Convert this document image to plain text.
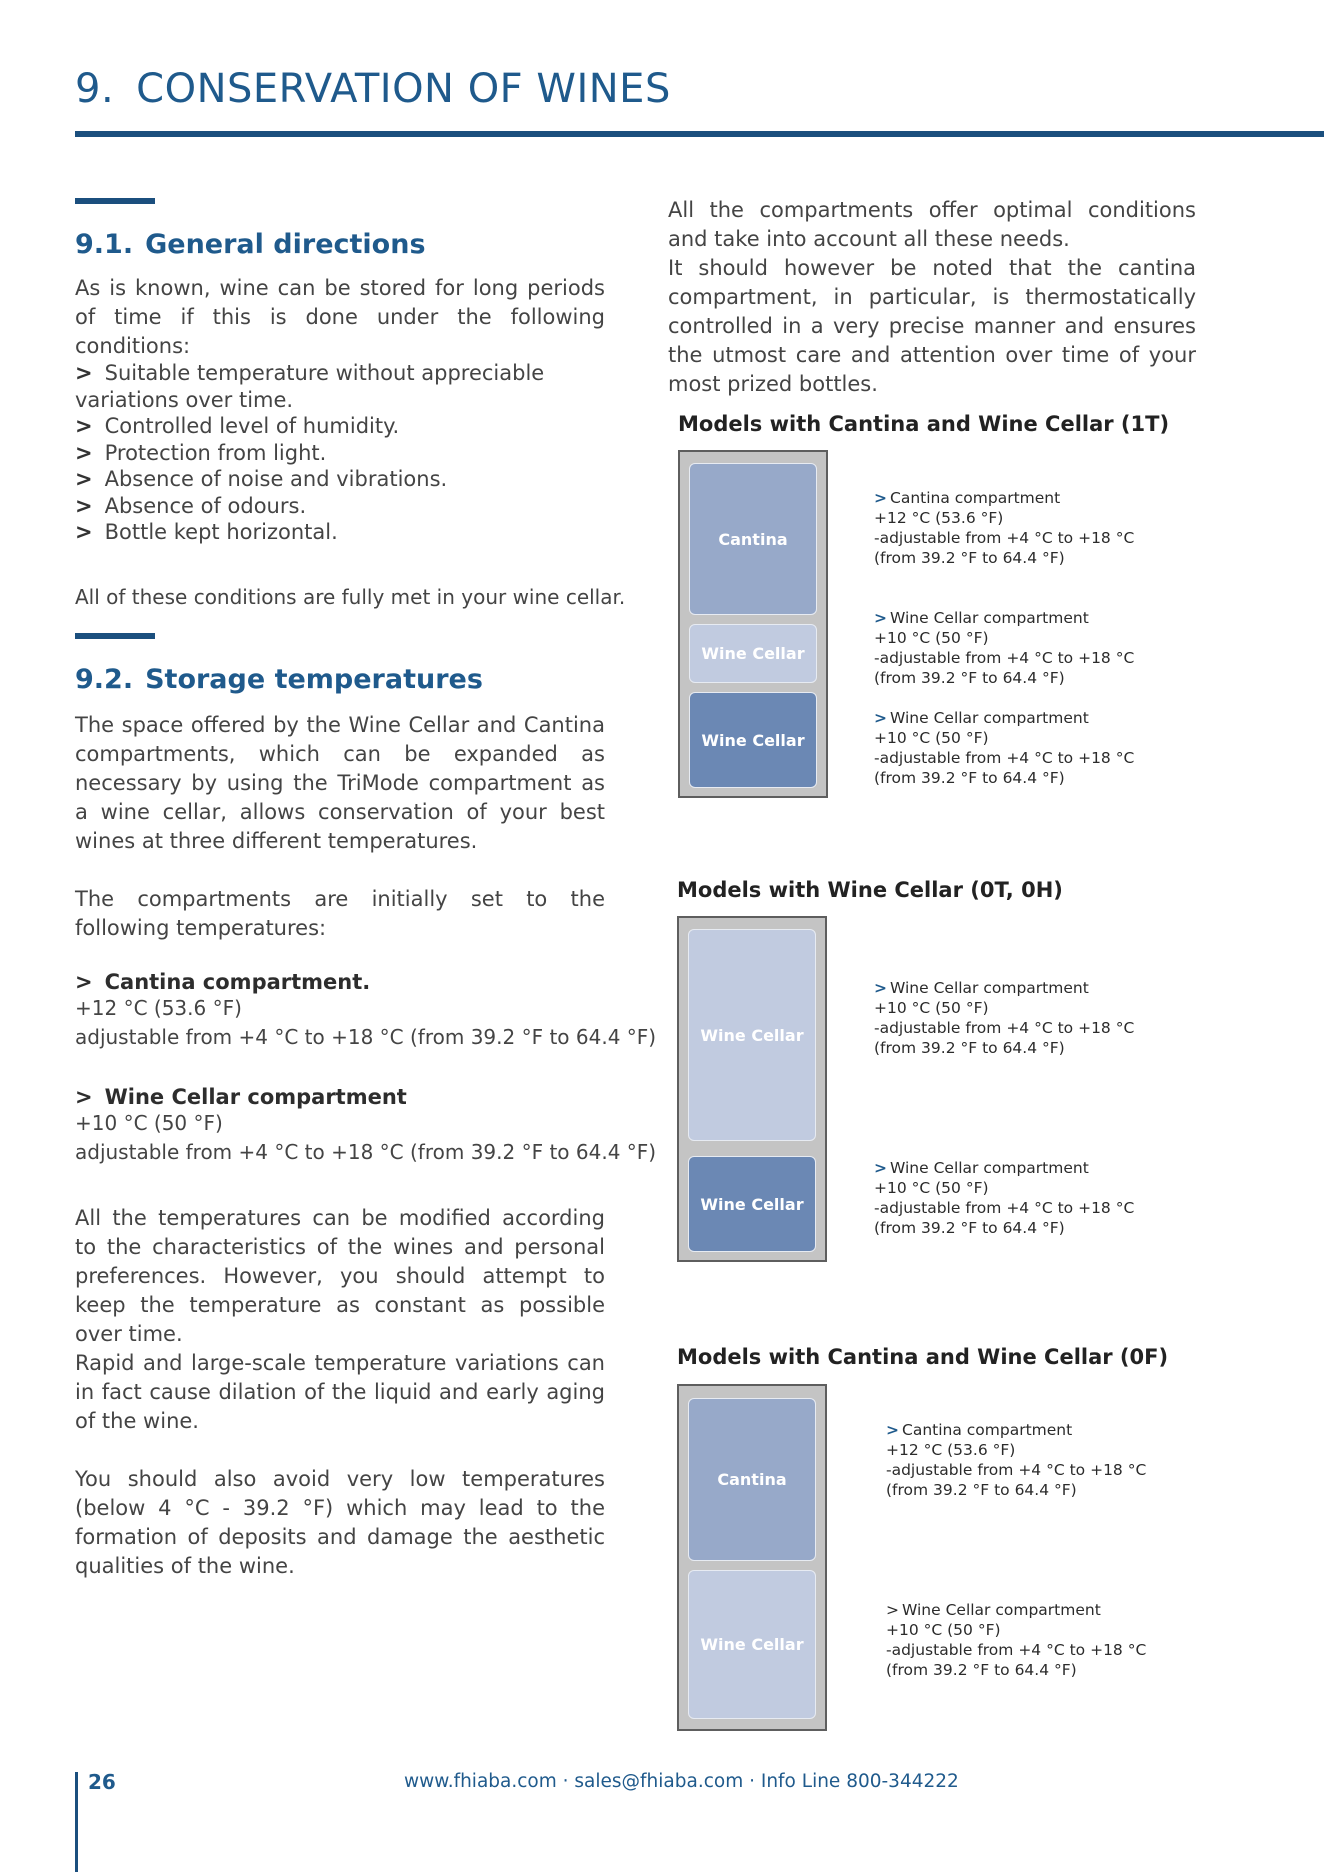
9. CONSERVATION OF WINES
9.1. General directions

As is known, wine can be stored for long periods of time if this is done under the following conditions:

> Suitable temperature without appreciable variations over time.
> Controlled level of humidity.
> Protection from light.
> Absence of noise and vibrations.
> Absence of odours.
> Bottle kept horizontal.
All of these conditions are fully met in your wine cellar.
9.2. Storage temperatures

The space offered by the Wine Cellar and Cantina compartments, which can be expanded as necessary by using the TriMode compartment as a wine cellar, allows conservation of your best wines at three different temperatures.

The compartments are initially set to the following temperatures:

> Cantina compartment.
+12 °C (53.6 °F)
adjustable from +4 °C to +18 °C (from 39.2 °F to 64.4 °F)
> Wine Cellar compartment
+10 °C (50 °F)
adjustable from +4 °C to +18 °C (from 39.2 °F to 64.4 °F)

All the temperatures can be modified according to the characteristics of the wines and personal preferences. However, you should attempt to keep the temperature as constant as possible over time.

Rapid and large-scale temperature variations can in fact cause dilation of the liquid and early aging of the wine.

You should also avoid very low temperatures (below 4 °C - 39.2 °F) which may lead to the formation of deposits and damage the aesthetic qualities of the wine.

All the compartments offer optimal conditions and take into account all these needs.

It should however be noted that the cantina compartment, in particular, is thermostatically controlled in a very precise manner and ensures the utmost care and attention over time of your most prized bottles.

Models with Cantina and Wine Cellar (1T)
Cantina
Wine Cellar
Wine Cellar
> Cantina compartment
+12 °C (53.6 °F)
-adjustable from +4 °C to +18 °C
(from 39.2 °F to 64.4 °F)
> Wine Cellar compartment
+10 °C (50 °F)
-adjustable from +4 °C to +18 °C
(from 39.2 °F to 64.4 °F)
> Wine Cellar compartment
+10 °C (50 °F)
-adjustable from +4 °C to +18 °C
(from 39.2 °F to 64.4 °F)
Models with Wine Cellar (0T, 0H)
Wine Cellar
Wine Cellar
> Wine Cellar compartment
+10 °C (50 °F)
-adjustable from +4 °C to +18 °C
(from 39.2 °F to 64.4 °F)
> Wine Cellar compartment
+10 °C (50 °F)
-adjustable from +4 °C to +18 °C
(from 39.2 °F to 64.4 °F)
Models with Cantina and Wine Cellar (0F)
Cantina
Wine Cellar
> Cantina compartment
+12 °C (53.6 °F)
-adjustable from +4 °C to +18 °C
(from 39.2 °F to 64.4 °F)
> Wine Cellar compartment
+10 °C (50 °F)
-adjustable from +4 °C to +18 °C
(from 39.2 °F to 64.4 °F)
26	www.fhiaba.com · sales@fhiaba.com · Info Line 800-344222
